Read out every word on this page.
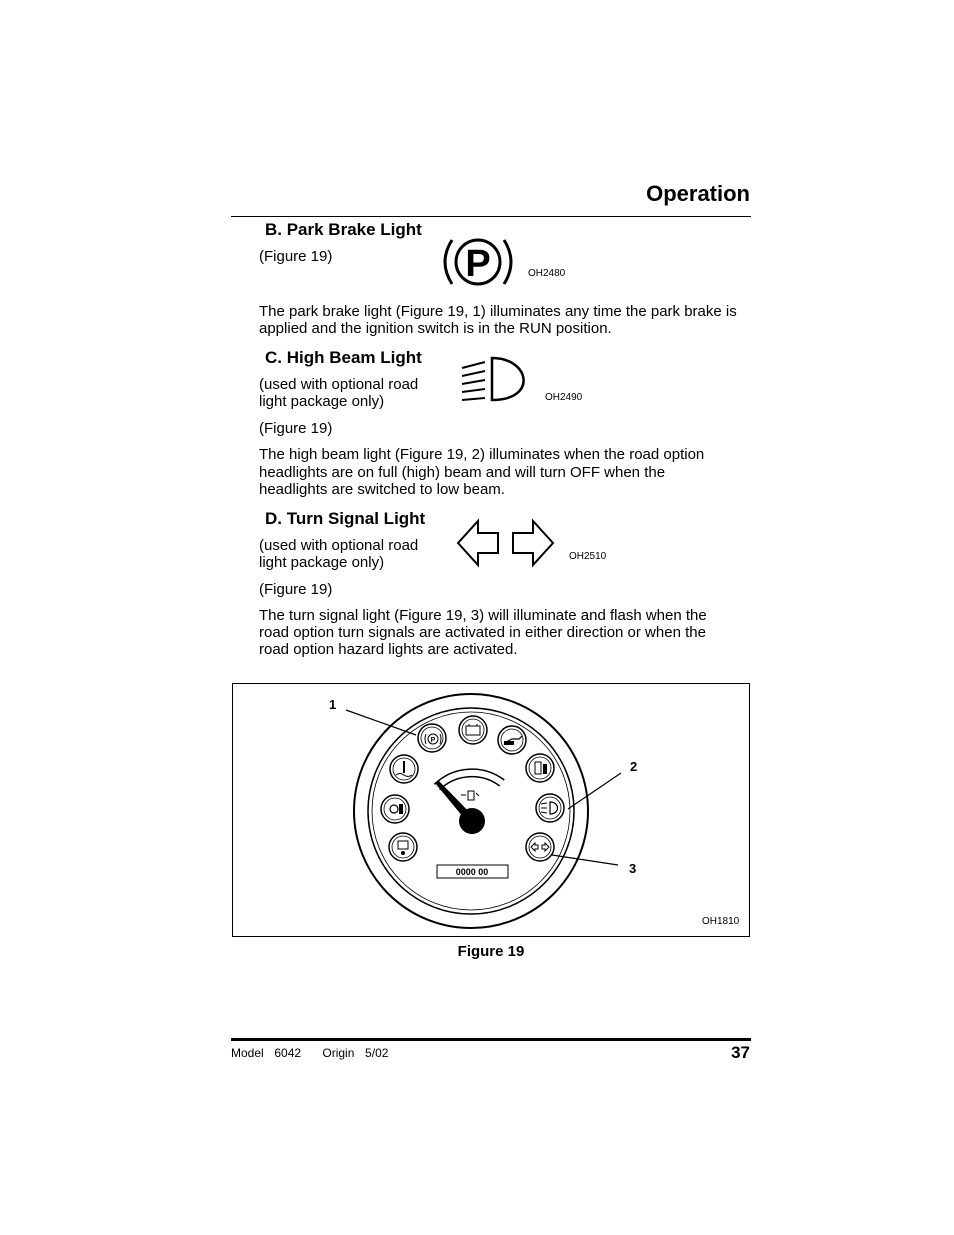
Operation
B. Park Brake Light
(Figure 19)	P	OH2480
The park brake light (Figure 19, 1) illuminates any time the park brake is
applied and the ignition switch is in the RUN position.
C. High Beam Light
(used with optional road
light package only)	OH2490
(Figure 19)
The high beam light (Figure 19, 2) illuminates when the road option
headlights are on full (high) beam and will turn OFF when the
headlights are switched to low beam.
D. Turn Signal Light
(used with optional road
light package only)	OH2510
(Figure 19)
The turn signal light (Figure 19, 3) will illuminate and flash when the
road option turn signals are activated in either direction or when the
road option hazard lights are activated.
P
0000 00
1
2
3
OH1810
Figure 19
Model  6042    Origin  5/02	37
